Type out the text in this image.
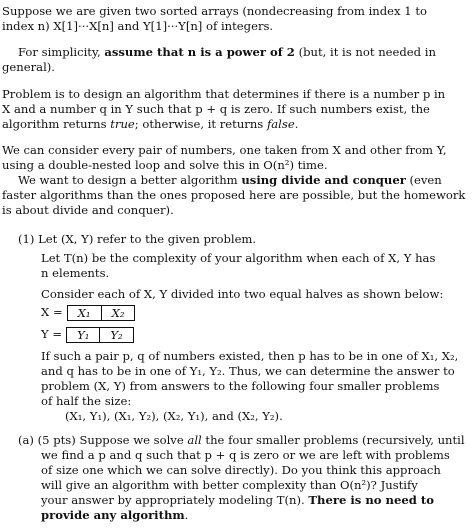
Suppose we are given two sorted arrays (nondecreasing from index 1 to
index n) X[1]···X[n] and Y[1]···Y[n] of integers.
For simplicity, assume that n is a power of 2 (but, it is not needed in
general).
Problem is to design an algorithm that determines if there is a number p in
X and a number q in Y such that p + q is zero. If such numbers exist, the
algorithm returns true; otherwise, it returns false.
We can consider every pair of numbers, one taken from X and other from Y,
using a double-nested loop and solve this in O(n²) time.
We want to design a better algorithm using divide and conquer (even
faster algorithms than the ones proposed here are possible, but the homework
is about divide and conquer).
(1) Let (X, Y) refer to the given problem.
Let T(n) be the complexity of your algorithm when each of X, Y has
n elements.
Consider each of X, Y divided into two equal halves as shown below:
X =	X₁	X₂
Y =	Y₁	Y₂
If such a pair p, q of numbers existed, then p has to be in one of X₁, X₂,
and q has to be in one of Y₁, Y₂. Thus, we can determine the answer to
problem (X, Y) from answers to the following four smaller problems
of half the size:
(X₁, Y₁), (X₁, Y₂), (X₂, Y₁), and (X₂, Y₂).
(a) (5 pts) Suppose we solve all the four smaller problems (recursively, until
we find a p and q such that p + q is zero or we are left with problems
of size one which we can solve directly). Do you think this approach
will give an algorithm with better complexity than O(n²)? Justify
your answer by appropriately modeling T(n). There is no need to
provide any algorithm.
